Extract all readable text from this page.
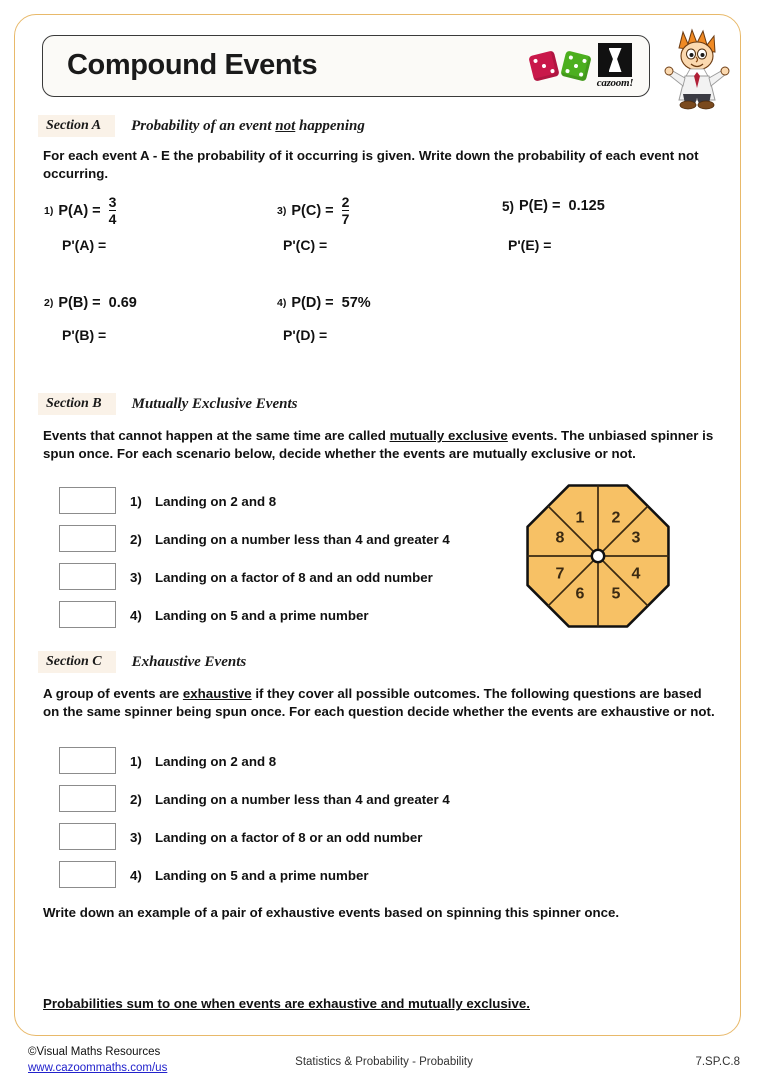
Compound Events
cazoom!
Section A	Probability of an event not happening
For each event A - E the probability of it occurring is given. Write down the probability of each event not occurring.
1) $P(A) = \frac{3}{4}$
P'(A) =
3) $P(C) = \frac{2}{7}$
P'(C) =
5) P(E) = 0.125
P'(E) =
2) P(B) = 0.69
P'(B) =
4) P(D) = 57%
P'(D) =
Section B	Mutually Exclusive Events
Events that cannot happen at the same time are called mutually exclusive events. The unbiased spinner is spun once. For each scenario below, decide whether the events are mutually exclusive or not.
1) Landing on 2 and 8
2) Landing on a number less than 4 and greater 4
3) Landing on a factor of 8 and an odd number
4) Landing on 5 and a prime number
1 2
3
4
5
6
7
8
Section C	Exhaustive Events
A group of events are exhaustive if they cover all possible outcomes. The following questions are based on the same spinner being spun once. For each question decide whether the events are exhaustive or not.
1) Landing on 2 and 8
2) Landing on a number less than 4 and greater 4
3) Landing on a factor of 8 or an odd number
4) Landing on 5 and a prime number
Write down an example of a pair of exhaustive events based on spinning this spinner once.
Probabilities sum to one when events are exhaustive and mutually exclusive.
©Visual Maths Resources
www.cazoommaths.com/us
Statistics & Probability - Probability	7.SP.C.8
